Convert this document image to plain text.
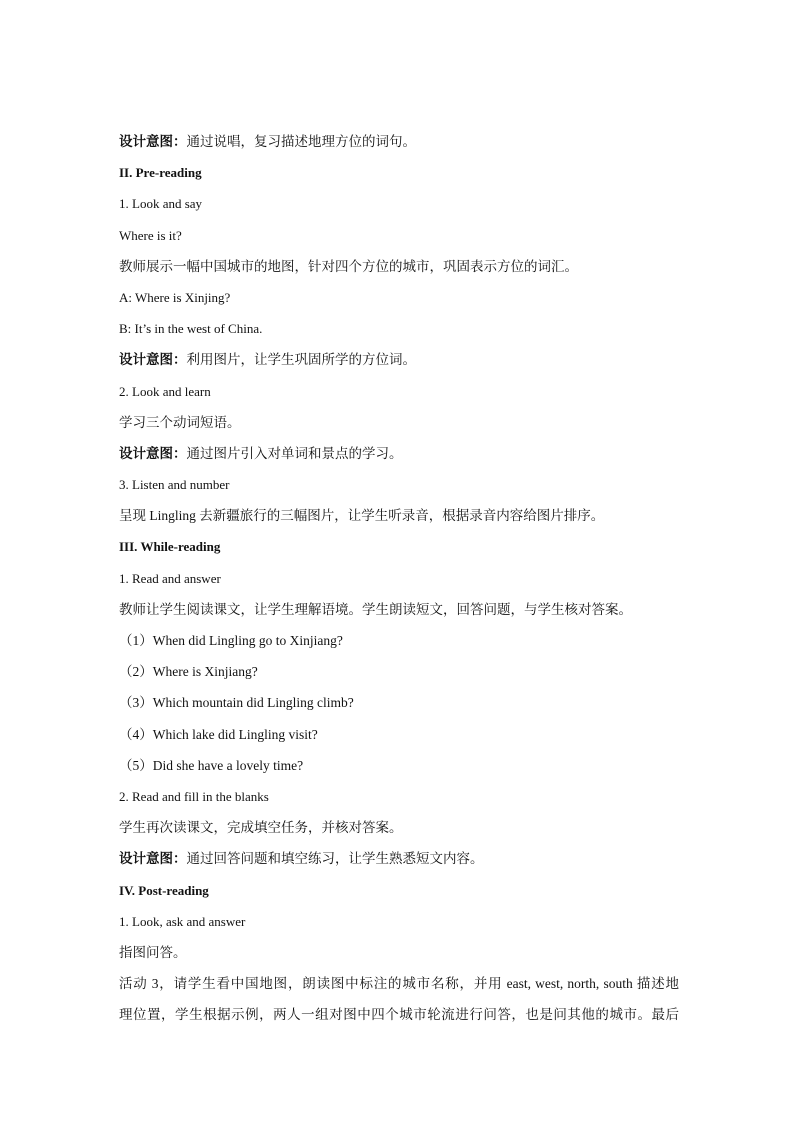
设计意图：通过说唱，复习描述地理方位的词句。
II. Pre-reading
1. Look and say
Where is it?
教师展示一幅中国城市的地图，针对四个方位的城市，巩固表示方位的词汇。
A: Where is Xinjing?
B: It’s in the west of China.
设计意图：利用图片，让学生巩固所学的方位词。
2. Look and learn
学习三个动词短语。
设计意图：通过图片引入对单词和景点的学习。
3. Listen and number
呈现 Lingling 去新疆旅行的三幅图片，让学生听录音，根据录音内容给图片排序。
III. While-reading
1. Read and answer
教师让学生阅读课文，让学生理解语境。学生朗读短文，回答问题，与学生核对答案。
（1）When did Lingling go to Xinjiang?
（2）Where is Xinjiang?
（3）Which mountain did Lingling climb?
（4）Which lake did Lingling visit?
（5）Did she have a lovely time?
2. Read and fill in the blanks
学生再次读课文，完成填空任务，并核对答案。
设计意图：通过回答问题和填空练习，让学生熟悉短文内容。
IV. Post-reading
1. Look, ask and answer
指图问答。
活动 3，请学生看中国地图，朗读图中标注的城市名称，并用 east, west, north, south 描述地
理位置，学生根据示例，两人一组对图中四个城市轮流进行问答，也是问其他的城市。最后
